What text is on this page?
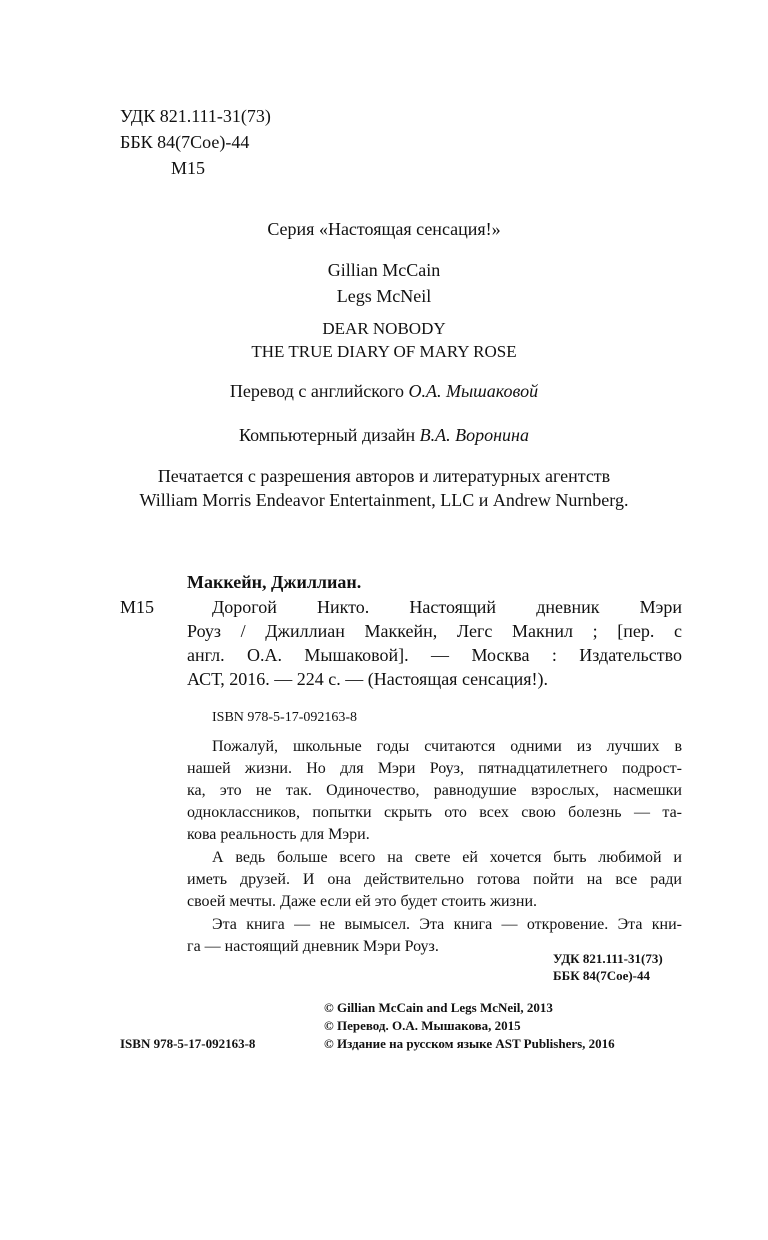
УДК 821.111-31(73)
ББК 84(7Сое)-44
М15
Серия «Настоящая сенсация!»
Gillian McCain
Legs McNeil
DEAR NOBODY
THE TRUE DIARY OF MARY ROSE
Перевод с английского О.А. Мышаковой
Компьютерный дизайн В.А. Воронина
Печатается с разрешения авторов и литературных агентств
William Morris Endeavor Entertainment, LLC и Andrew Nurnberg.
Маккейн, Джиллиан.
М15	Дорогой Никто. Настоящий дневник Мэри
Роуз / Джиллиан Маккейн, Легс Макнил ; [пер. с
англ. О.А. Мышаковой]. — Москва : Издательство
АСТ, 2016. — 224 с. — (Настоящая сенсация!).
ISBN 978-5-17-092163-8
Пожалуй, школьные годы считаются одними из лучших в
нашей жизни. Но для Мэри Роуз, пятнадцатилетнего подрост-
ка, это не так. Одиночество, равнодушие взрослых, насмешки
одноклассников, попытки скрыть ото всех свою болезнь — та-
кова реальность для Мэри.
А ведь больше всего на свете ей хочется быть любимой и
иметь друзей. И она действительно готова пойти на все ради
своей мечты. Даже если ей это будет стоить жизни.
Эта книга — не вымысел. Эта книга — откровение. Эта кни-
га — настоящий дневник Мэри Роуз.
УДК 821.111-31(73)
ББК 84(7Сое)-44
© Gillian McCain and Legs McNeil, 2013
© Перевод. О.А. Мышакова, 2015
ISBN 978-5-17-092163-8	© Издание на русском языке AST Publishers, 2016
